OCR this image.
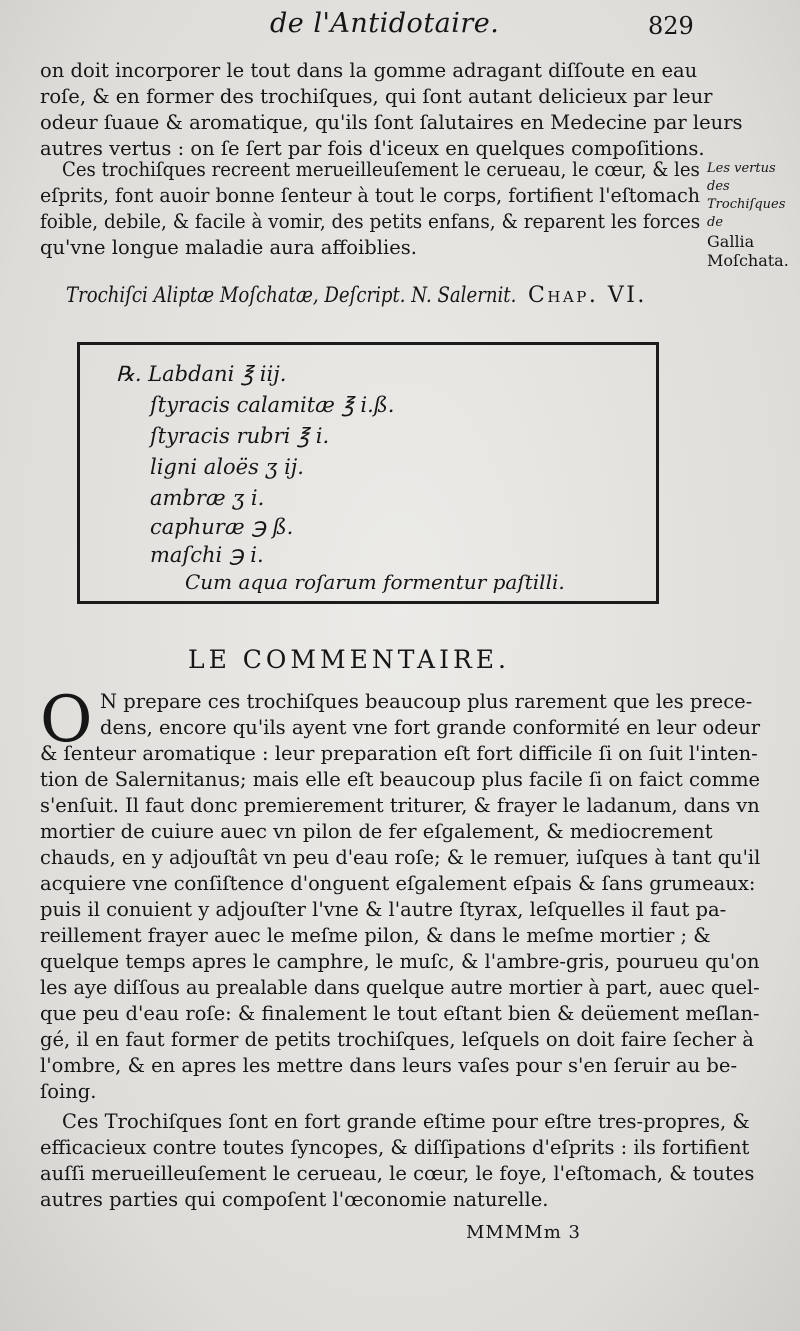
de l'Antidotaire.	829
on doit incorporer le tout dans la gomme adragant diſſoute en eau
roſe, & en former des trochiſques, qui ſont autant delicieux par leur
odeur ſuaue & aromatique, qu'ils ſont ſalutaires en Medecine par leurs
autres vertus : on ſe ſert par fois d'iceux en quelques compoſitions.
Ces trochiſques recreent merueilleuſement le cerueau, le cœur, & les
eſprits, font auoir bonne ſenteur à tout le corps, fortifient l'eſtomach
foible, debile, & facile à vomir, des petits enfans, & reparent les forces
qu'vne longue maladie aura affoiblies.
Les vertus des Trochiſques de
Gallia
Moſchata.
Trochiſci Aliptæ Moſchatæ, Deſcript. N. Salernit. Chap. VI.
℞. Labdani ℥ iij.
ſtyracis calamitæ ℥ i.ß.
ſtyracis rubri ℥ i.
ligni aloës ʒ ij.
ambræ ʒ i.
caphuræ ℈ ß.
maſchi ℈ i.
Cum aqua roſarum formentur paſtilli.
LE COMMENTAIRE.
O N prepare ces trochiſques beaucoup plus rarement que les prece-
dens, encore qu'ils ayent vne fort grande conformité en leur odeur
& ſenteur aromatique : leur preparation eſt fort difficile ſi on ſuit l'inten-
tion de Salernitanus; mais elle eſt beaucoup plus facile ſi on faict comme
s'enſuit. Il faut donc premierement triturer, & frayer le ladanum, dans vn
mortier de cuiure auec vn pilon de fer eſgalement, & mediocrement
chauds, en y adjouſtât vn peu d'eau roſe; & le remuer, iuſques à tant qu'il
acquiere vne conſiſtence d'onguent eſgalement eſpais & ſans grumeaux:
puis il conuient y adjouſter l'vne & l'autre ſtyrax, leſquelles il faut pa-
reillement frayer auec le meſme pilon, & dans le meſme mortier ; &
quelque temps apres le camphre, le muſc, & l'ambre-gris, pourueu qu'on
les aye diſſous au prealable dans quelque autre mortier à part, auec quel-
que peu d'eau roſe: & finalement le tout eſtant bien & deüement meſlan-
gé, il en faut former de petits trochiſques, leſquels on doit faire ſecher à
l'ombre, & en apres les mettre dans leurs vaſes pour s'en ſeruir au be-
ſoing.
Ces Trochiſques ſont en fort grande eſtime pour eſtre tres-propres, &
efficacieux contre toutes ſyncopes, & diſſipations d'eſprits : ils fortifient
auſſi merueilleuſement le cerueau, le cœur, le foye, l'eſtomach, & toutes
autres parties qui compoſent l'œconomie naturelle.
MMMMm 3
